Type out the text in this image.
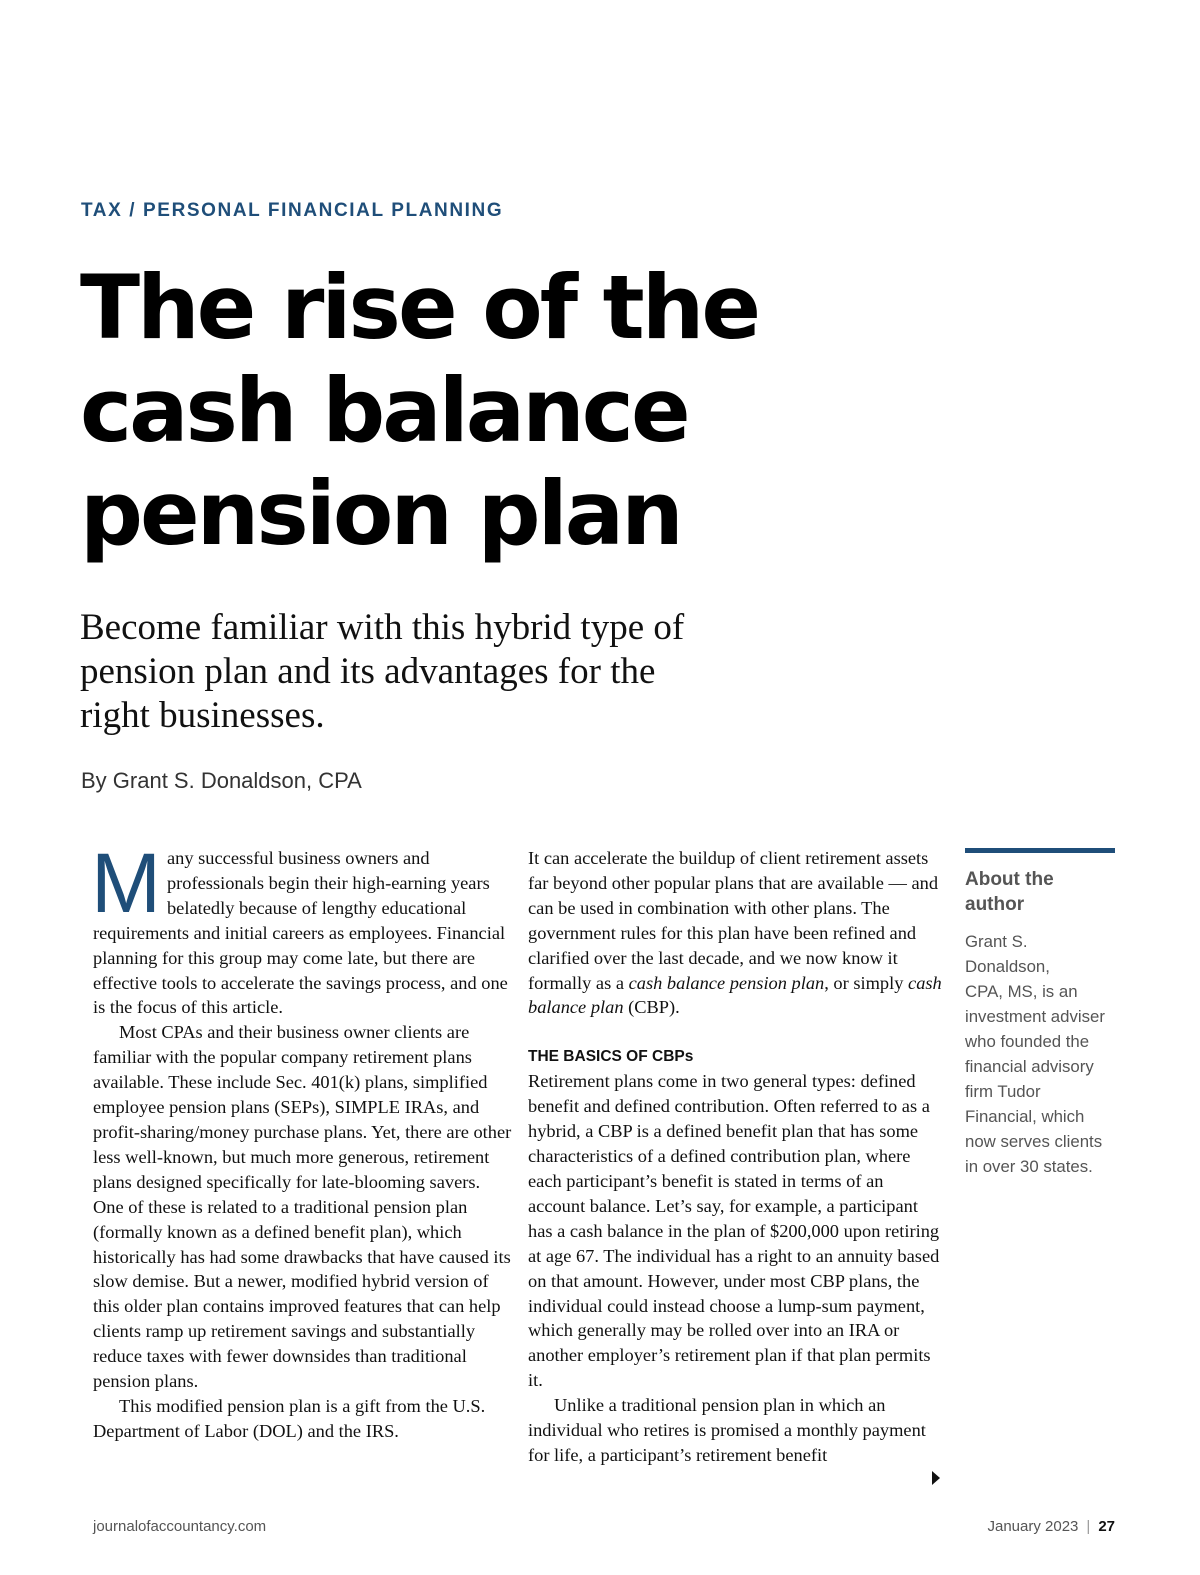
TAX / PERSONAL FINANCIAL PLANNING
The rise of the
cash balance
pension plan
Become familiar with this hybrid type of
pension plan and its advantages for the
right businesses.
By Grant S. Donaldson, CPA

Many successful business owners and professionals begin their high-earning years belatedly because of lengthy educational requirements and initial careers as employees. Financial planning for this group may come late, but there are effective tools to accelerate the savings process, and one is the focus of this article.

Most CPAs and their business owner clients are familiar with the popular company retirement plans available. These include Sec. 401(k) plans, simplified employee pension plans (SEPs), SIMPLE IRAs, and profit-sharing/money purchase plans. Yet, there are other less well-known, but much more generous, retirement plans designed specifically for late-blooming savers. One of these is related to a traditional pension plan (formally known as a defined benefit plan), which historically has had some drawbacks that have caused its slow demise. But a newer, modified hybrid version of this older plan contains improved features that can help clients ramp up retirement savings and substantially reduce taxes with fewer downsides than traditional pension plans.

This modified pension plan is a gift from the U.S. Department of Labor (DOL) and the IRS.

It can accelerate the buildup of client retirement assets far beyond other popular plans that are available — and can be used in combination with other plans. The government rules for this plan have been refined and clarified over the last decade, and we now know it formally as a cash balance pension plan, or simply cash balance plan (CBP).

THE BASICS OF CBPs

Retirement plans come in two general types: defined benefit and defined contribution. Often referred to as a hybrid, a CBP is a defined benefit plan that has some characteristics of a defined contribution plan, where each participant’s benefit is stated in terms of an account balance. Let’s say, for example, a participant has a cash balance in the plan of $200,000 upon retiring at age 67. The individual has a right to an annuity based on that amount. However, under most CBP plans, the individual could instead choose a lump-sum payment, which generally may be rolled over into an IRA or another employer’s retirement plan if that plan permits it.

Unlike a traditional pension plan in which an individual who retires is promised a monthly payment for life, a participant’s retirement benefit

About the
author
Grant S.
Donaldson,
CPA, MS, is an
investment adviser
who founded the
financial advisory
firm Tudor
Financial, which
now serves clients
in over 30 states.
journalofaccountancy.com	January 2023 | 27
